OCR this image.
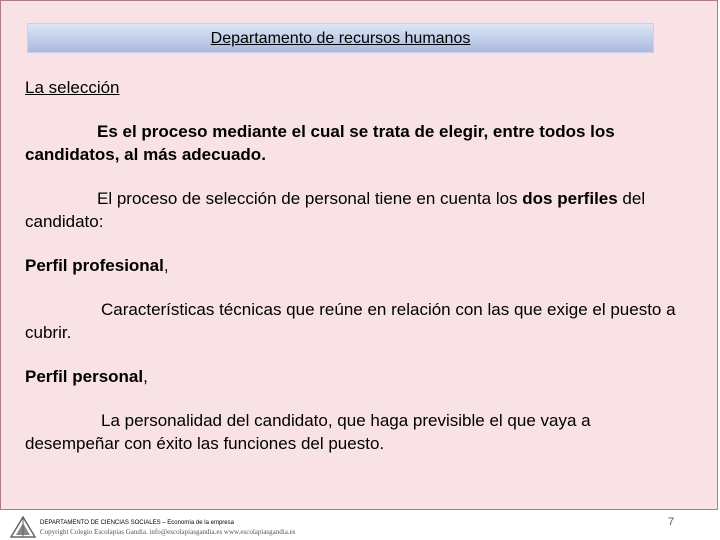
Departamento de recursos humanos

La selección

Es el proceso mediante el cual se trata de elegir, entre todos los candidatos, al más adecuado.

El proceso de selección de personal tiene en cuenta los dos perfiles del candidato:

Perfil profesional,

Características técnicas que reúne en relación con las que exige el puesto a cubrir.

Perfil personal,

La personalidad del candidato, que haga previsible el que vaya a desempeñar con éxito las funciones del puesto.

DEPARTAMENTO DE CIENCIAS SOCIALES – Economía de la empresa
Copyright Colegio Escolapias Gandia. info@escolapiasgandia.es www.escolapiasgandia.es
7
